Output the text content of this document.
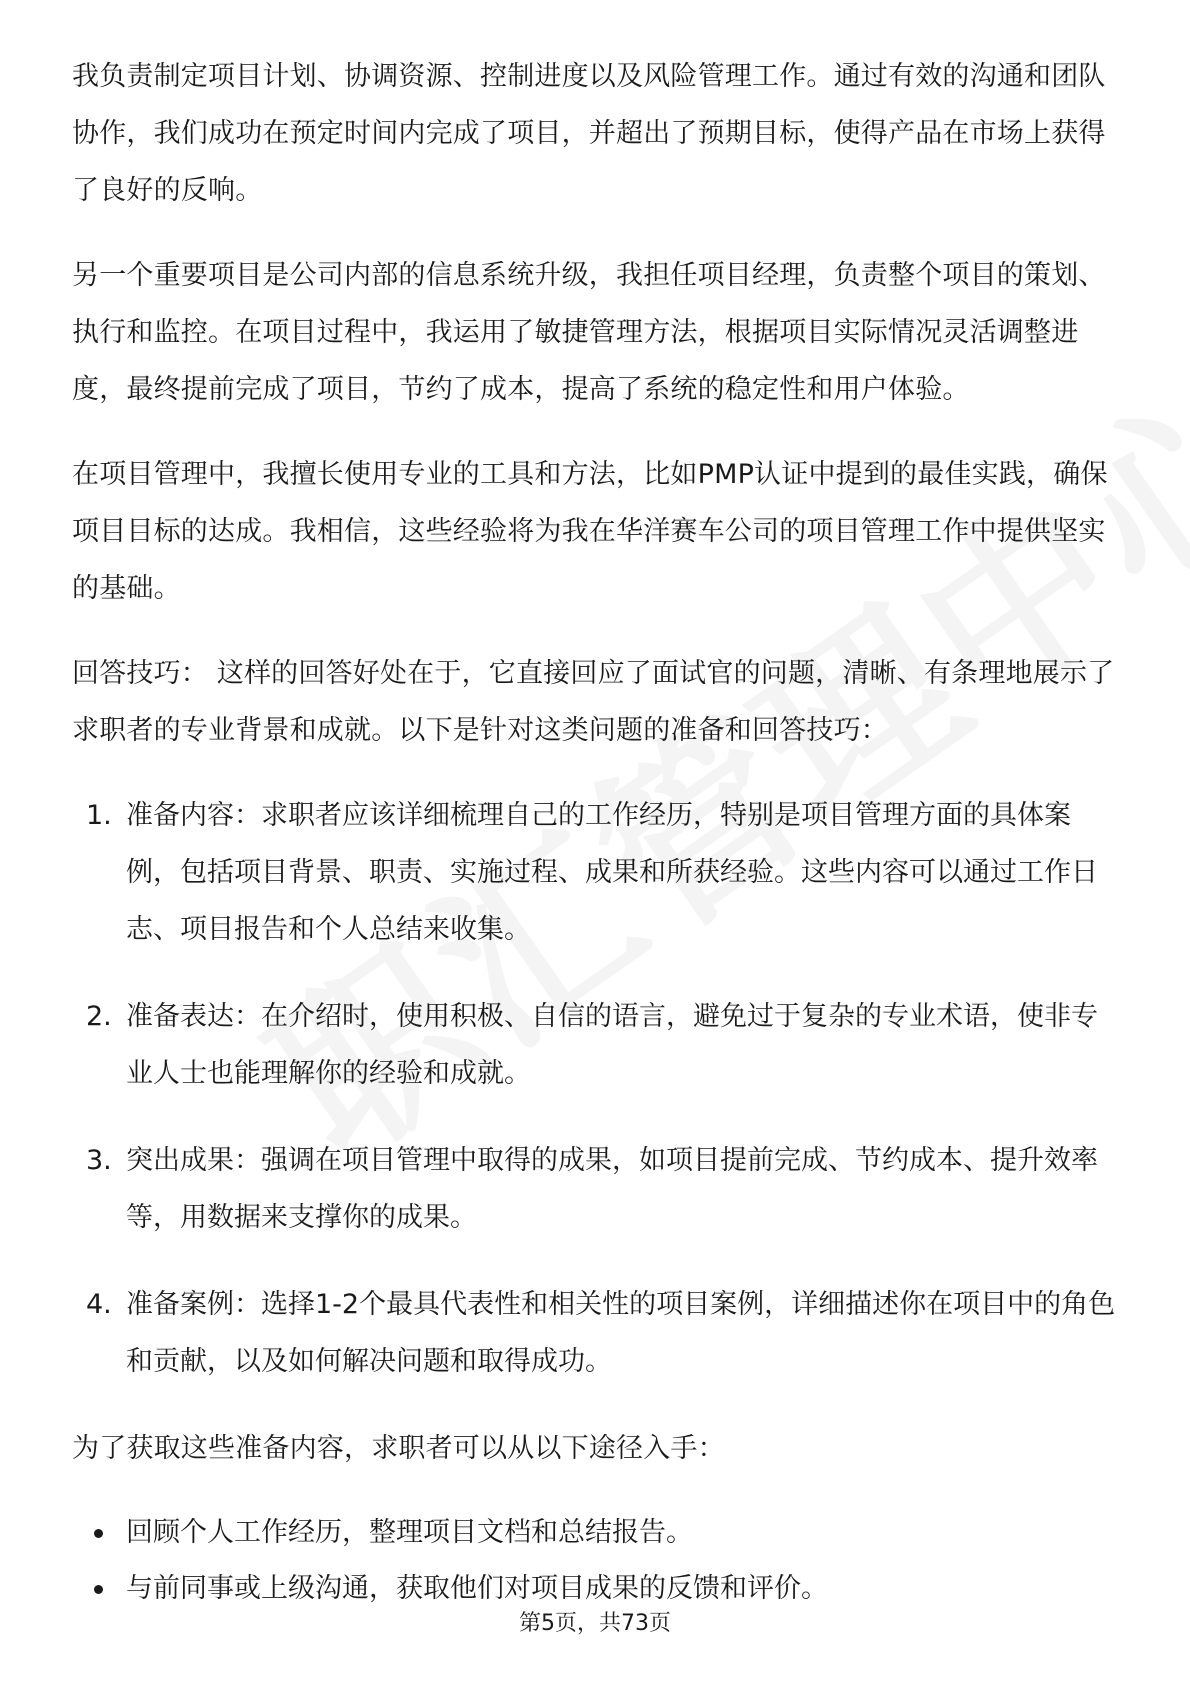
我负责制定项目计划、协调资源、控制进度以及风险管理工作。通过有效的沟通和团队协作，我们成功在预定时间内完成了项目，并超出了预期目标，使得产品在市场上获得了良好的反响。

另一个重要项目是公司内部的信息系统升级，我担任项目经理，负责整个项目的策划、执行和监控。在项目过程中，我运用了敏捷管理方法，根据项目实际情况灵活调整进度，最终提前完成了项目，节约了成本，提高了系统的稳定性和用户体验。

在项目管理中，我擅长使用专业的工具和方法，比如PMP认证中提到的最佳实践，确保项目目标的达成。我相信，这些经验将为我在华洋赛车公司的项目管理工作中提供坚实的基础。

回答技巧： 这样的回答好处在于，它直接回应了面试官的问题，清晰、有条理地展示了求职者的专业背景和成就。以下是针对这类问题的准备和回答技巧：

1. 准备内容：求职者应该详细梳理自己的工作经历，特别是项目管理方面的具体案例，包括项目背景、职责、实施过程、成果和所获经验。这些内容可以通过工作日志、项目报告和个人总结来收集。
2. 准备表达：在介绍时，使用积极、自信的语言，避免过于复杂的专业术语，使非专业人士也能理解你的经验和成就。
3. 突出成果：强调在项目管理中取得的成果，如项目提前完成、节约成本、提升效率等，用数据来支撑你的成果。
4. 准备案例：选择1-2个最具代表性和相关性的项目案例，详细描述你在项目中的角色和贡献，以及如何解决问题和取得成功。

为了获取这些准备内容，求职者可以从以下途径入手：

回顾个人工作经历，整理项目文档和总结报告。
与前同事或上级沟通，获取他们对项目成果的反馈和评价。
第5页，共73页
